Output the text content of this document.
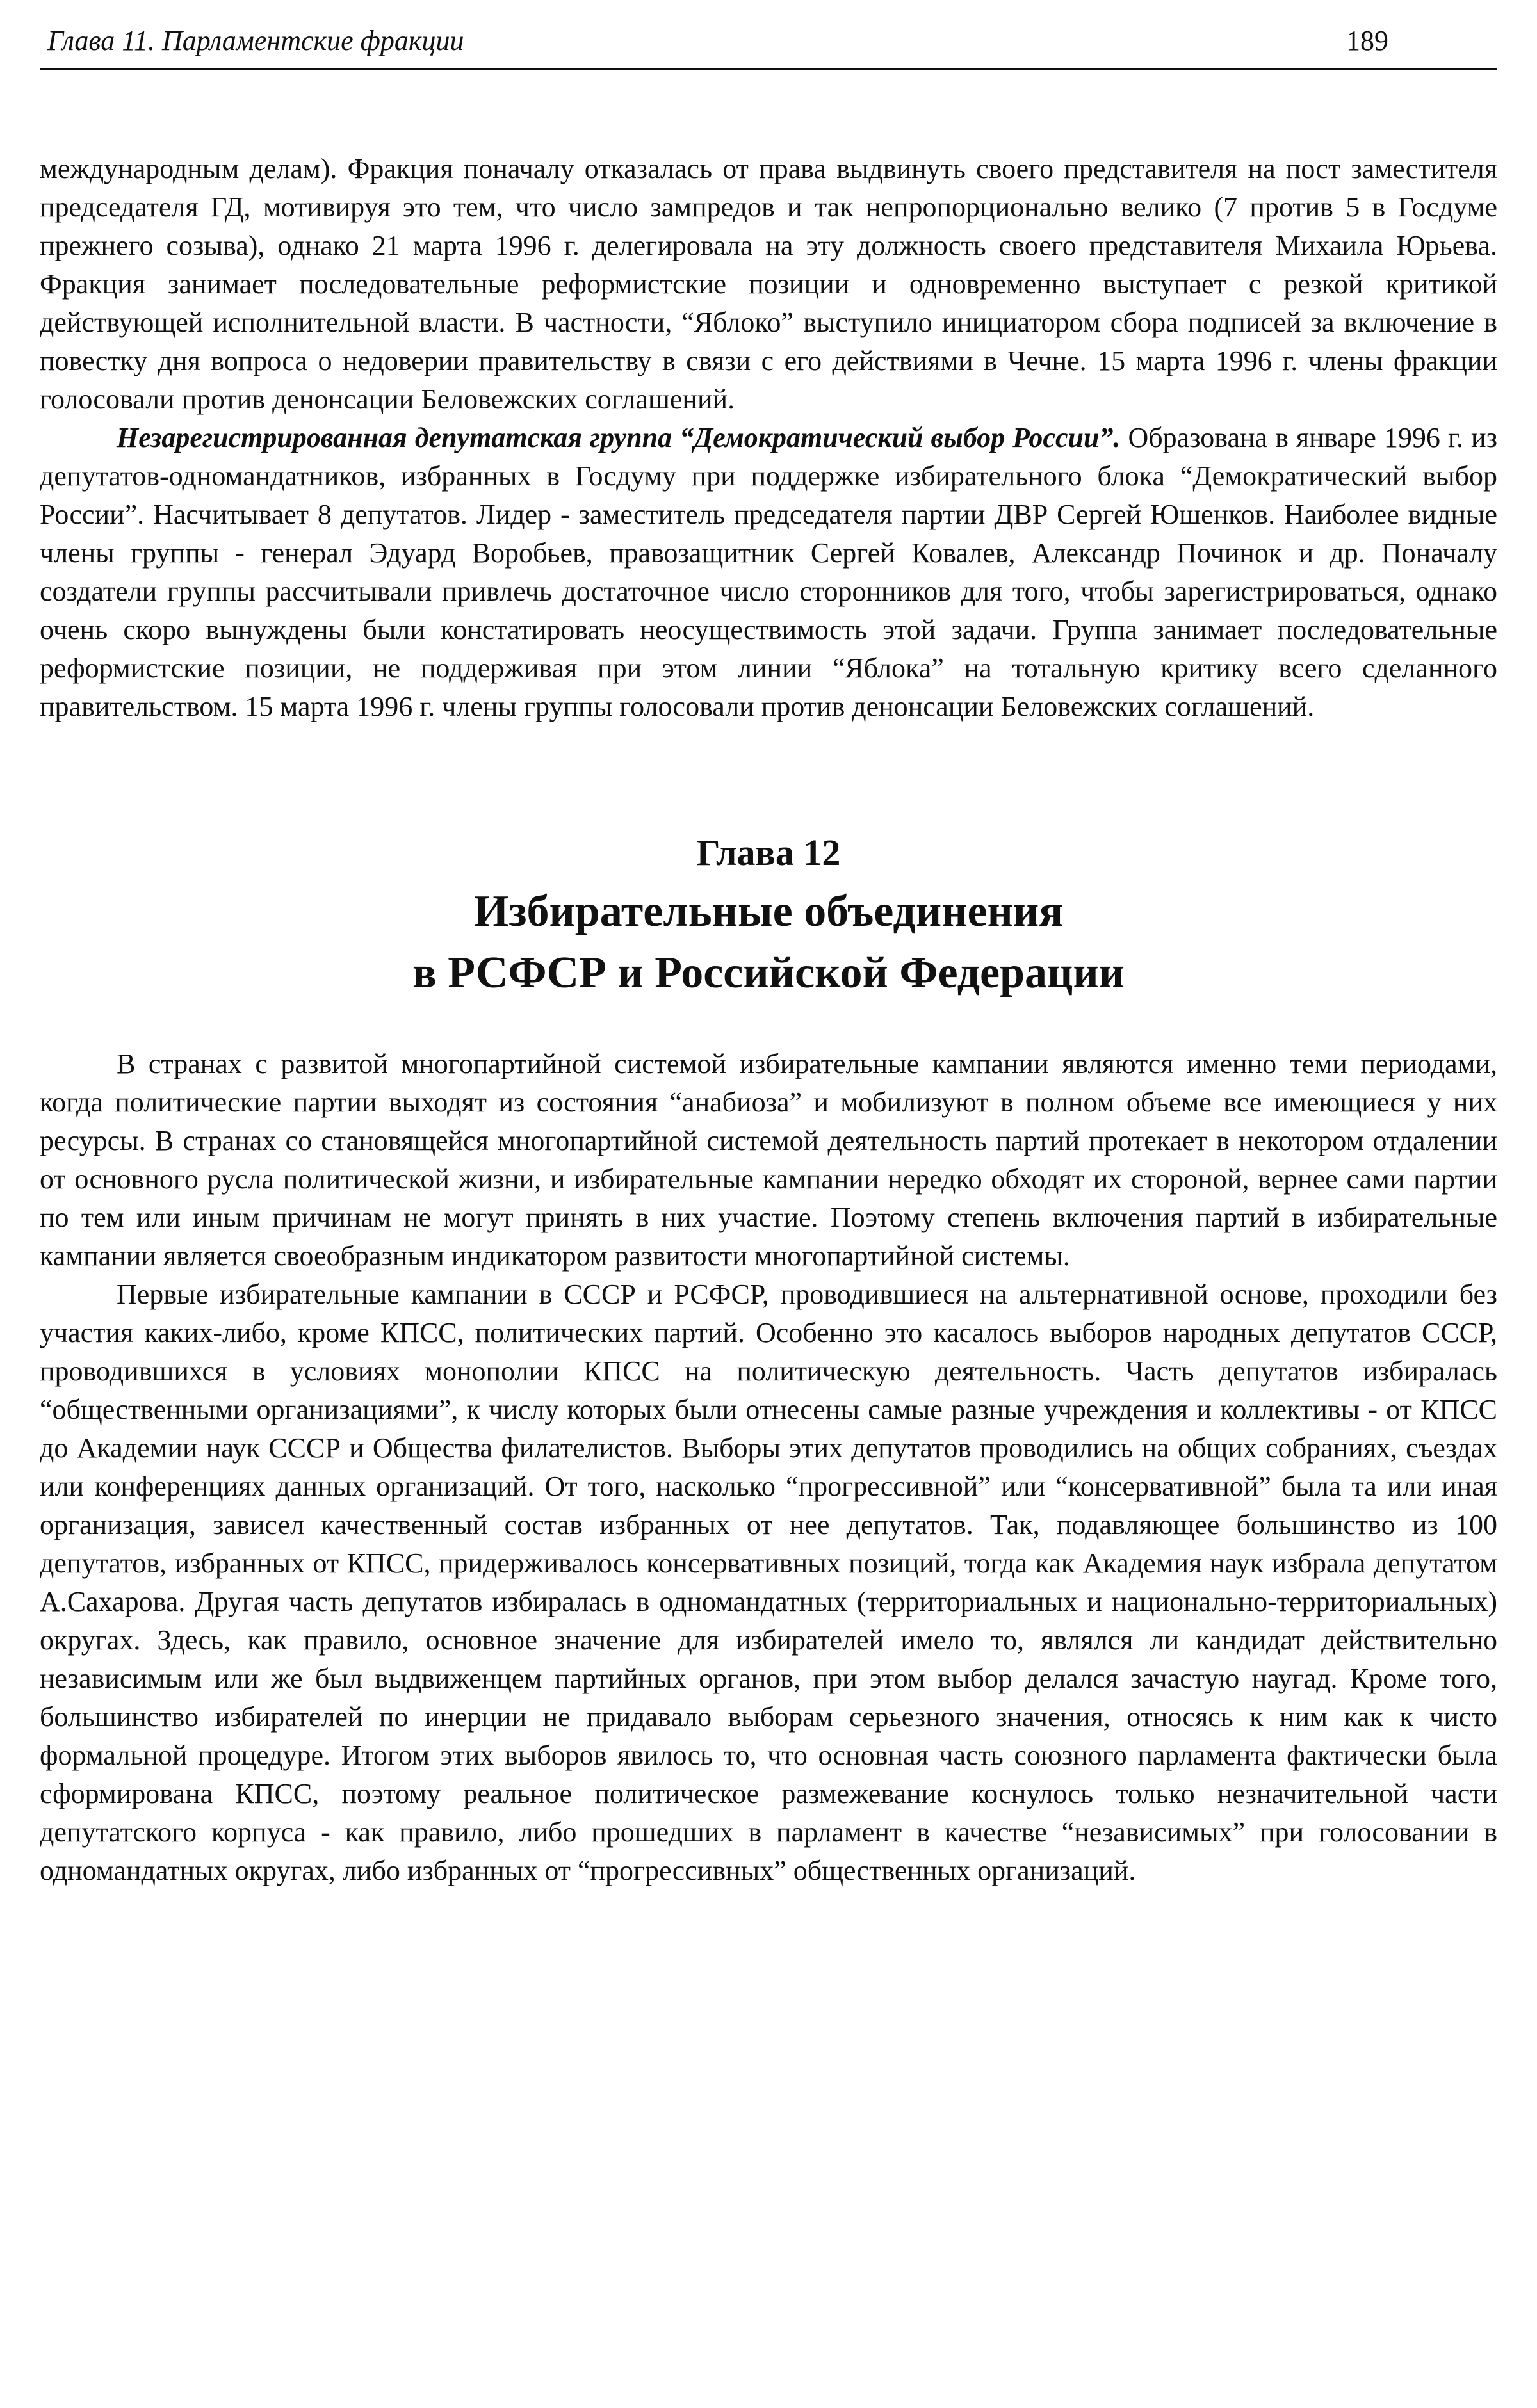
Глава 11. Парламентские фракции	189

международным делам). Фракция поначалу отказалась от права выдвинуть своего представителя на пост заместителя председателя ГД, мотивируя это тем, что число зампредов и так непропорционально велико (7 против 5 в Госдуме прежнего созыва), однако 21 марта 1996 г. делегировала на эту должность своего представителя Михаила Юрьева. Фракция занимает последовательные реформистские позиции и одновременно выступает с резкой критикой действующей исполнительной власти. В частности, “Яблоко” выступило инициатором сбора подписей за включение в повестку дня вопроса о недоверии правительству в связи с его действиями в Чечне. 15 марта 1996 г. члены фракции голосовали против денонсации Беловежских соглашений.

Незарегистрированная депутатская группа “Демократический выбор России”. Образована в январе 1996 г. из депутатов-одномандатников, избранных в Госдуму при поддержке избирательного блока “Демократический выбор России”. Насчитывает 8 депутатов. Лидер - заместитель председателя партии ДВР Сергей Юшенков. Наиболее видные члены группы - генерал Эдуард Воробьев, правозащитник Сергей Ковалев, Александр Починок и др. Поначалу создатели группы рассчитывали привлечь достаточное число сторонников для того, чтобы зарегистрироваться, однако очень скоро вынуждены были констатировать неосуществимость этой задачи. Группа занимает последовательные реформистские позиции, не поддерживая при этом линии “Яблока” на тотальную критику всего сделанного правительством. 15 марта 1996 г. члены группы голосовали против денонсации Беловежских соглашений.

Глава 12

Избирательные объединения
в РСФСР и Российской Федерации

В странах с развитой многопартийной системой избирательные кампании являются именно теми периодами, когда политические партии выходят из состояния “анабиоза” и мобилизуют в полном объеме все имеющиеся у них ресурсы. В странах со становящейся многопартийной системой деятельность партий протекает в некотором отдалении от основного русла политической жизни, и избирательные кампании нередко обходят их стороной, вернее сами партии по тем или иным причинам не могут принять в них участие. Поэтому степень включения партий в избирательные кампании является своеобразным индикатором развитости многопартийной системы.

Первые избирательные кампании в СССР и РСФСР, проводившиеся на альтернативной основе, проходили без участия каких-либо, кроме КПСС, политических партий. Особенно это касалось выборов народных депутатов СССР, проводившихся в условиях монополии КПСС на политическую деятельность. Часть депутатов избиралась “общественными организациями”, к числу которых были отнесены самые разные учреждения и коллективы - от КПСС до Академии наук СССР и Общества филателистов. Выборы этих депутатов проводились на общих собраниях, съездах или конференциях данных организаций. От того, насколько “прогрессивной” или “консервативной” была та или иная организация, зависел качественный состав избранных от нее депутатов. Так, подавляющее большинство из 100 депутатов, избранных от КПСС, придерживалось консервативных позиций, тогда как Академия наук избрала депутатом А.Сахарова. Другая часть депутатов избиралась в одномандатных (территориальных и национально-территориальных) округах. Здесь, как правило, основное значение для избирателей имело то, являлся ли кандидат действительно независимым или же был выдвиженцем партийных органов, при этом выбор делался зачастую наугад. Кроме того, большинство избирателей по инерции не придавало выборам серьезного значения, относясь к ним как к чисто формальной процедуре. Итогом этих выборов явилось то, что основная часть союзного парламента фактически была сформирована КПСС, поэтому реальное политическое размежевание коснулось только незначительной части депутатского корпуса - как правило, либо прошедших в парламент в качестве “независимых” при голосовании в одномандатных округах, либо избранных от “прогрессивных” общественных организаций.
